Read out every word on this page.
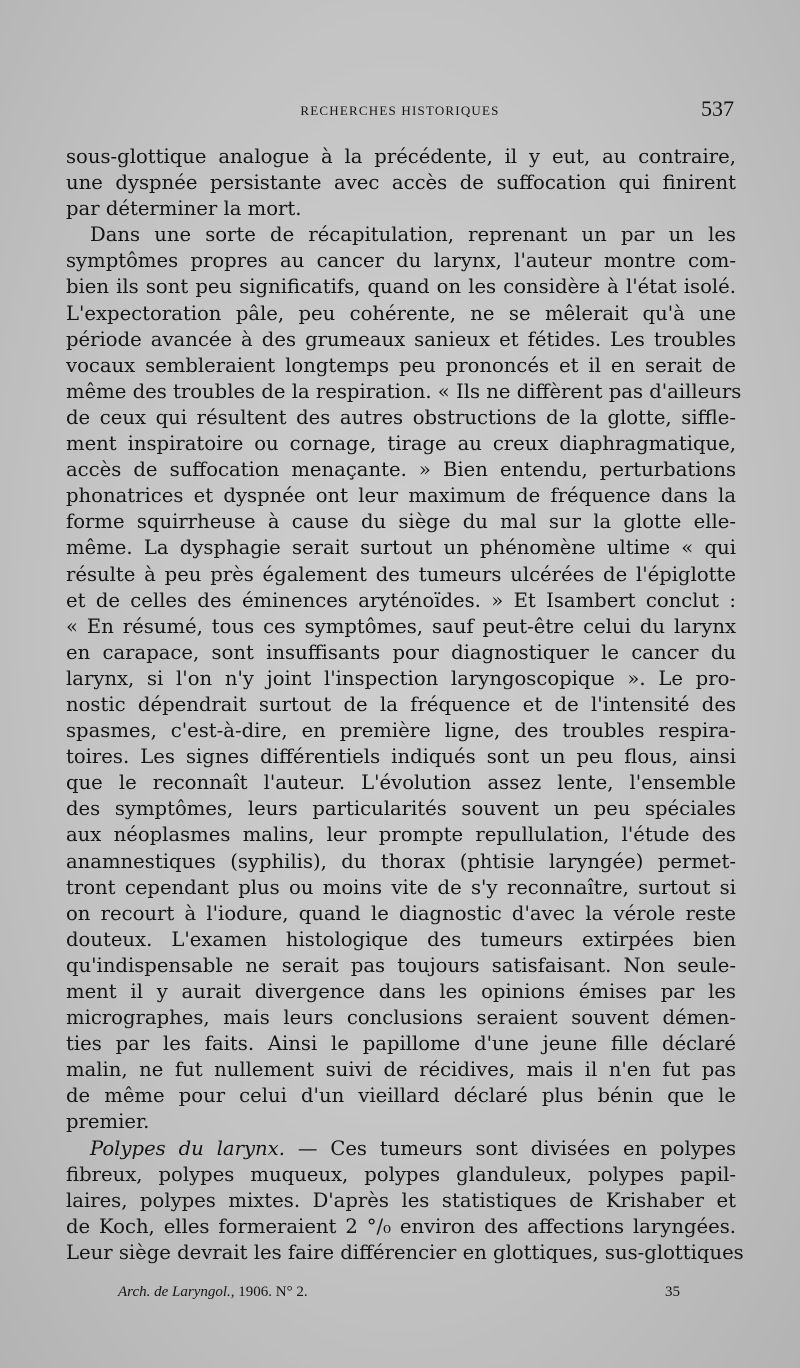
RECHERCHES HISTORIQUES	537
sous-glottique analogue à la précédente, il y eut, au contraire,
une dyspnée persistante avec accès de suffocation qui finirent
par déterminer la mort.
Dans une sorte de récapitulation, reprenant un par un les
symptômes propres au cancer du larynx, l'auteur montre com-
bien ils sont peu significatifs, quand on les considère à l'état isolé.
L'expectoration pâle, peu cohérente, ne se mêlerait qu'à une
période avancée à des grumeaux sanieux et fétides. Les troubles
vocaux sembleraient longtemps peu prononcés et il en serait de
même des troubles de la respiration. « Ils ne diffèrent pas d'ailleurs
de ceux qui résultent des autres obstructions de la glotte, siffle-
ment inspiratoire ou cornage, tirage au creux diaphragmatique,
accès de suffocation menaçante. » Bien entendu, perturbations
phonatrices et dyspnée ont leur maximum de fréquence dans la
forme squirrheuse à cause du siège du mal sur la glotte elle-
même. La dysphagie serait surtout un phénomène ultime « qui
résulte à peu près également des tumeurs ulcérées de l'épiglotte
et de celles des éminences aryténoïdes. » Et Isambert conclut :
« En résumé, tous ces symptômes, sauf peut-être celui du larynx
en carapace, sont insuffisants pour diagnostiquer le cancer du
larynx, si l'on n'y joint l'inspection laryngoscopique ». Le pro-
nostic dépendrait surtout de la fréquence et de l'intensité des
spasmes, c'est-à-dire, en première ligne, des troubles respira-
toires. Les signes différentiels indiqués sont un peu flous, ainsi
que le reconnaît l'auteur. L'évolution assez lente, l'ensemble
des symptômes, leurs particularités souvent un peu spéciales
aux néoplasmes malins, leur prompte repullulation, l'étude des
anamnestiques (syphilis), du thorax (phtisie laryngée) permet-
tront cependant plus ou moins vite de s'y reconnaître, surtout si
on recourt à l'iodure, quand le diagnostic d'avec la vérole reste
douteux. L'examen histologique des tumeurs extirpées bien
qu'indispensable ne serait pas toujours satisfaisant. Non seule-
ment il y aurait divergence dans les opinions émises par les
micrographes, mais leurs conclusions seraient souvent démen-
ties par les faits. Ainsi le papillome d'une jeune fille déclaré
malin, ne fut nullement suivi de récidives, mais il n'en fut pas
de même pour celui d'un vieillard déclaré plus bénin que le
premier.
Polypes du larynx. — Ces tumeurs sont divisées en polypes
fibreux, polypes muqueux, polypes glanduleux, polypes papil-
laires, polypes mixtes. D'après les statistiques de Krishaber et
de Koch, elles formeraient 2 °/₀ environ des affections laryngées.
Leur siège devrait les faire différencier en glottiques, sus-glottiques
Arch. de Laryngol., 1906. N° 2.	35
